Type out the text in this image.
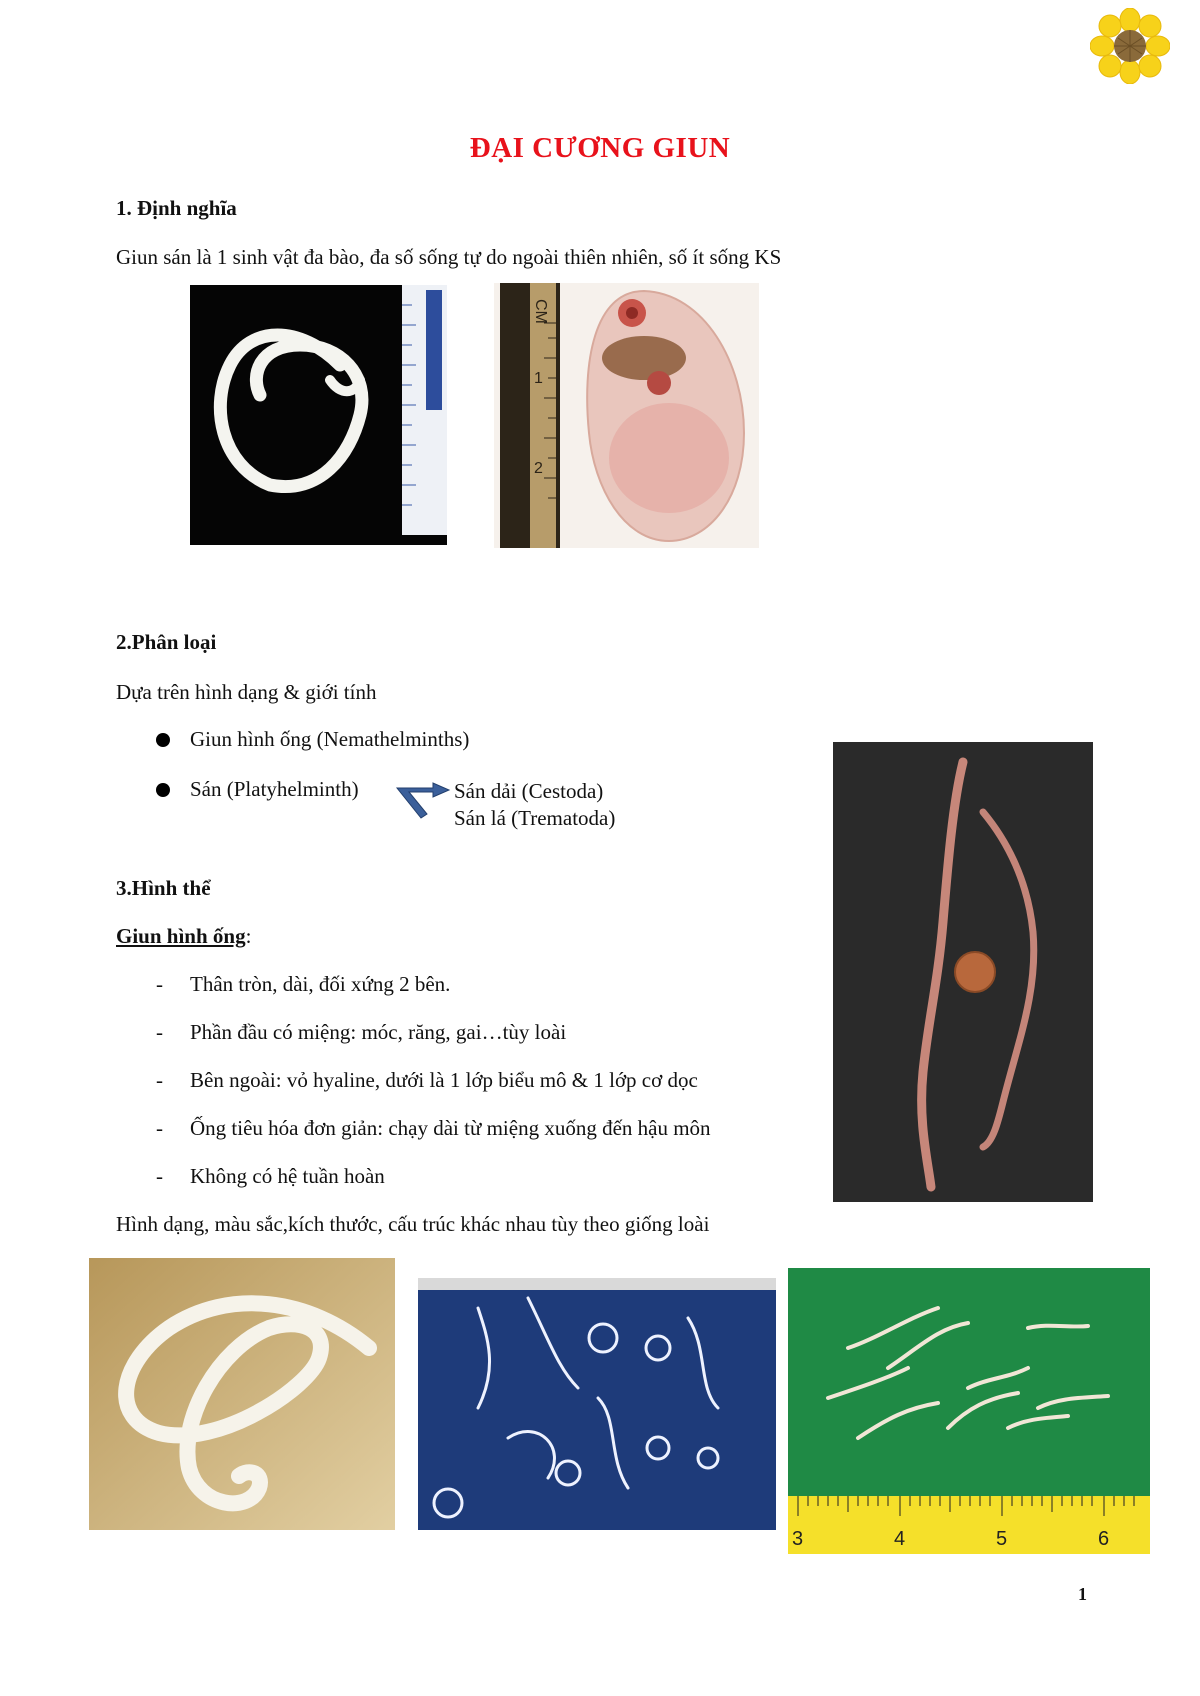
ĐẠI CƯƠNG GIUN
1. Định nghĩa
Giun sán là 1 sinh vật đa bào, đa số sống tự do ngoài thiên nhiên, số ít sống KS
CM
1
2
2.Phân loại
Dựa trên hình dạng & giới tính
Giun hình ống (Nemathelminths)
Sán (Platyhelminth)	Sán dải (Cestoda)
Sán lá (Trematoda)
3.Hình thể
Giun hình ống:
- Thân tròn, dài, đối xứng 2 bên.
- Phần đầu có miệng: móc, răng, gai…tùy loài
- Bên ngoài: vỏ hyaline, dưới là 1 lớp biểu mô & 1 lớp cơ dọc
- Ống tiêu hóa đơn giản: chạy dài từ miệng xuống đến hậu môn
- Không có hệ tuần hoàn
Hình dạng, màu sắc,kích thước, cấu trúc khác nhau tùy theo giống loài
3	4	5	6
1
